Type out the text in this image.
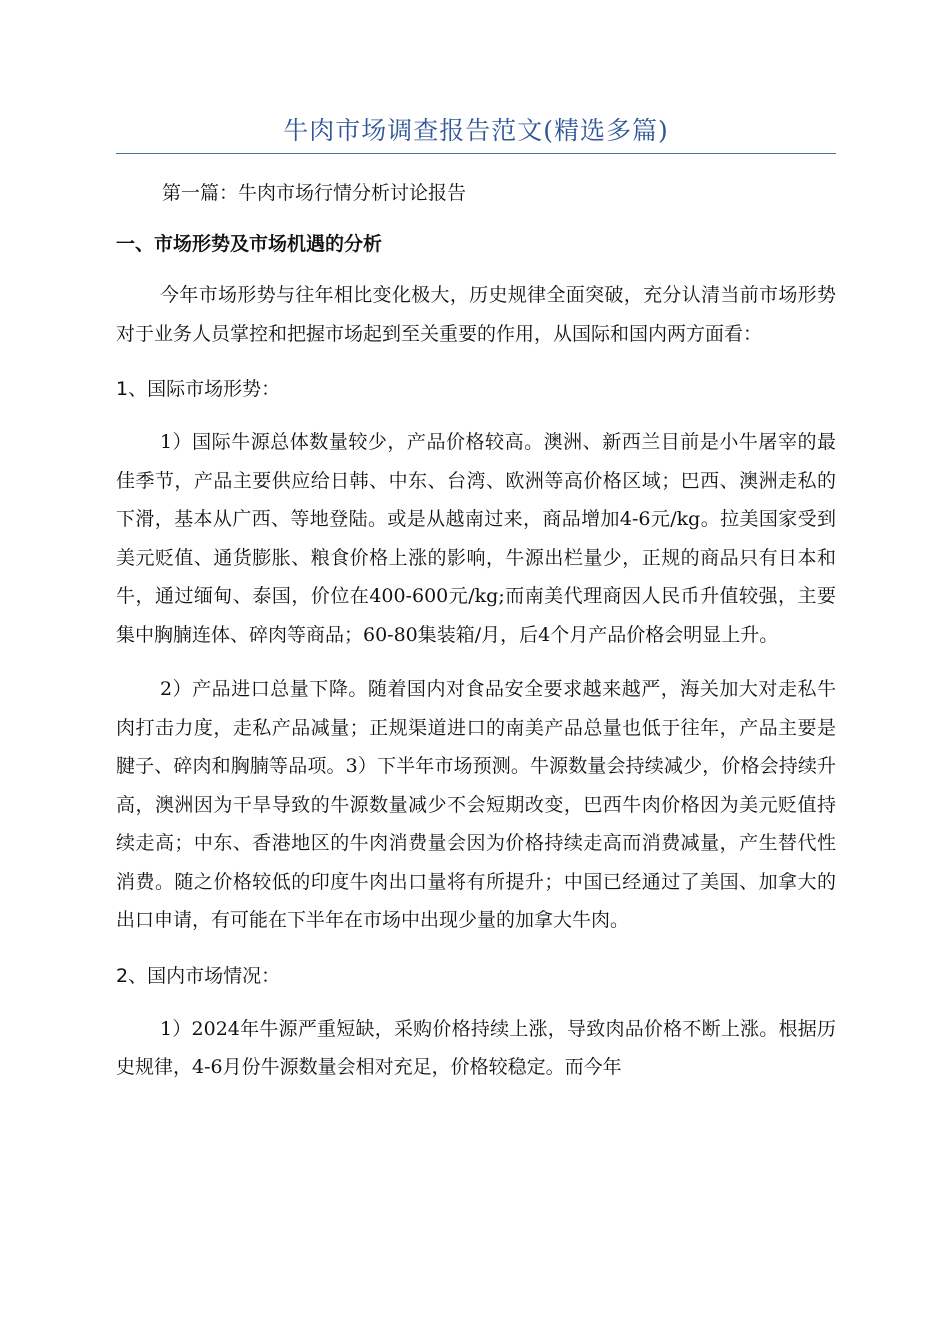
牛肉市场调查报告范文(精选多篇)
第一篇：牛肉市场行情分析讨论报告
一、市场形势及市场机遇的分析
今年市场形势与往年相比变化极大，历史规律全面突破，充分认清当前市场形势对于业务人员掌控和把握市场起到至关重要的作用，从国际和国内两方面看：
1、国际市场形势：
1）国际牛源总体数量较少，产品价格较高。澳洲、新西兰目前是小牛屠宰的最佳季节，产品主要供应给日韩、中东、台湾、欧洲等高价格区域；巴西、澳洲走私的下滑，基本从广西、等地登陆。或是从越南过来，商品增加4-6元/kg。拉美国家受到美元贬值、通货膨胀、粮食价格上涨的影响，牛源出栏量少，正规的商品只有日本和牛，通过缅甸、泰国，价位在400-600元/kg;而南美代理商因人民币升值较强，主要集中胸腩连体、碎肉等商品；60-80集装箱/月，后4个月产品价格会明显上升。
2）产品进口总量下降。随着国内对食品安全要求越来越严，海关加大对走私牛肉打击力度，走私产品减量；正规渠道进口的南美产品总量也低于往年，产品主要是腱子、碎肉和胸腩等品项。3）下半年市场预测。牛源数量会持续减少，价格会持续升高，澳洲因为干旱导致的牛源数量减少不会短期改变，巴西牛肉价格因为美元贬值持续走高；中东、香港地区的牛肉消费量会因为价格持续走高而消费减量，产生替代性消费。随之价格较低的印度牛肉出口量将有所提升；中国已经通过了美国、加拿大的出口申请，有可能在下半年在市场中出现少量的加拿大牛肉。
2、国内市场情况：
1）2024年牛源严重短缺，采购价格持续上涨，导致肉品价格不断上涨。根据历史规律，4-6月份牛源数量会相对充足，价格较稳定。而今年
